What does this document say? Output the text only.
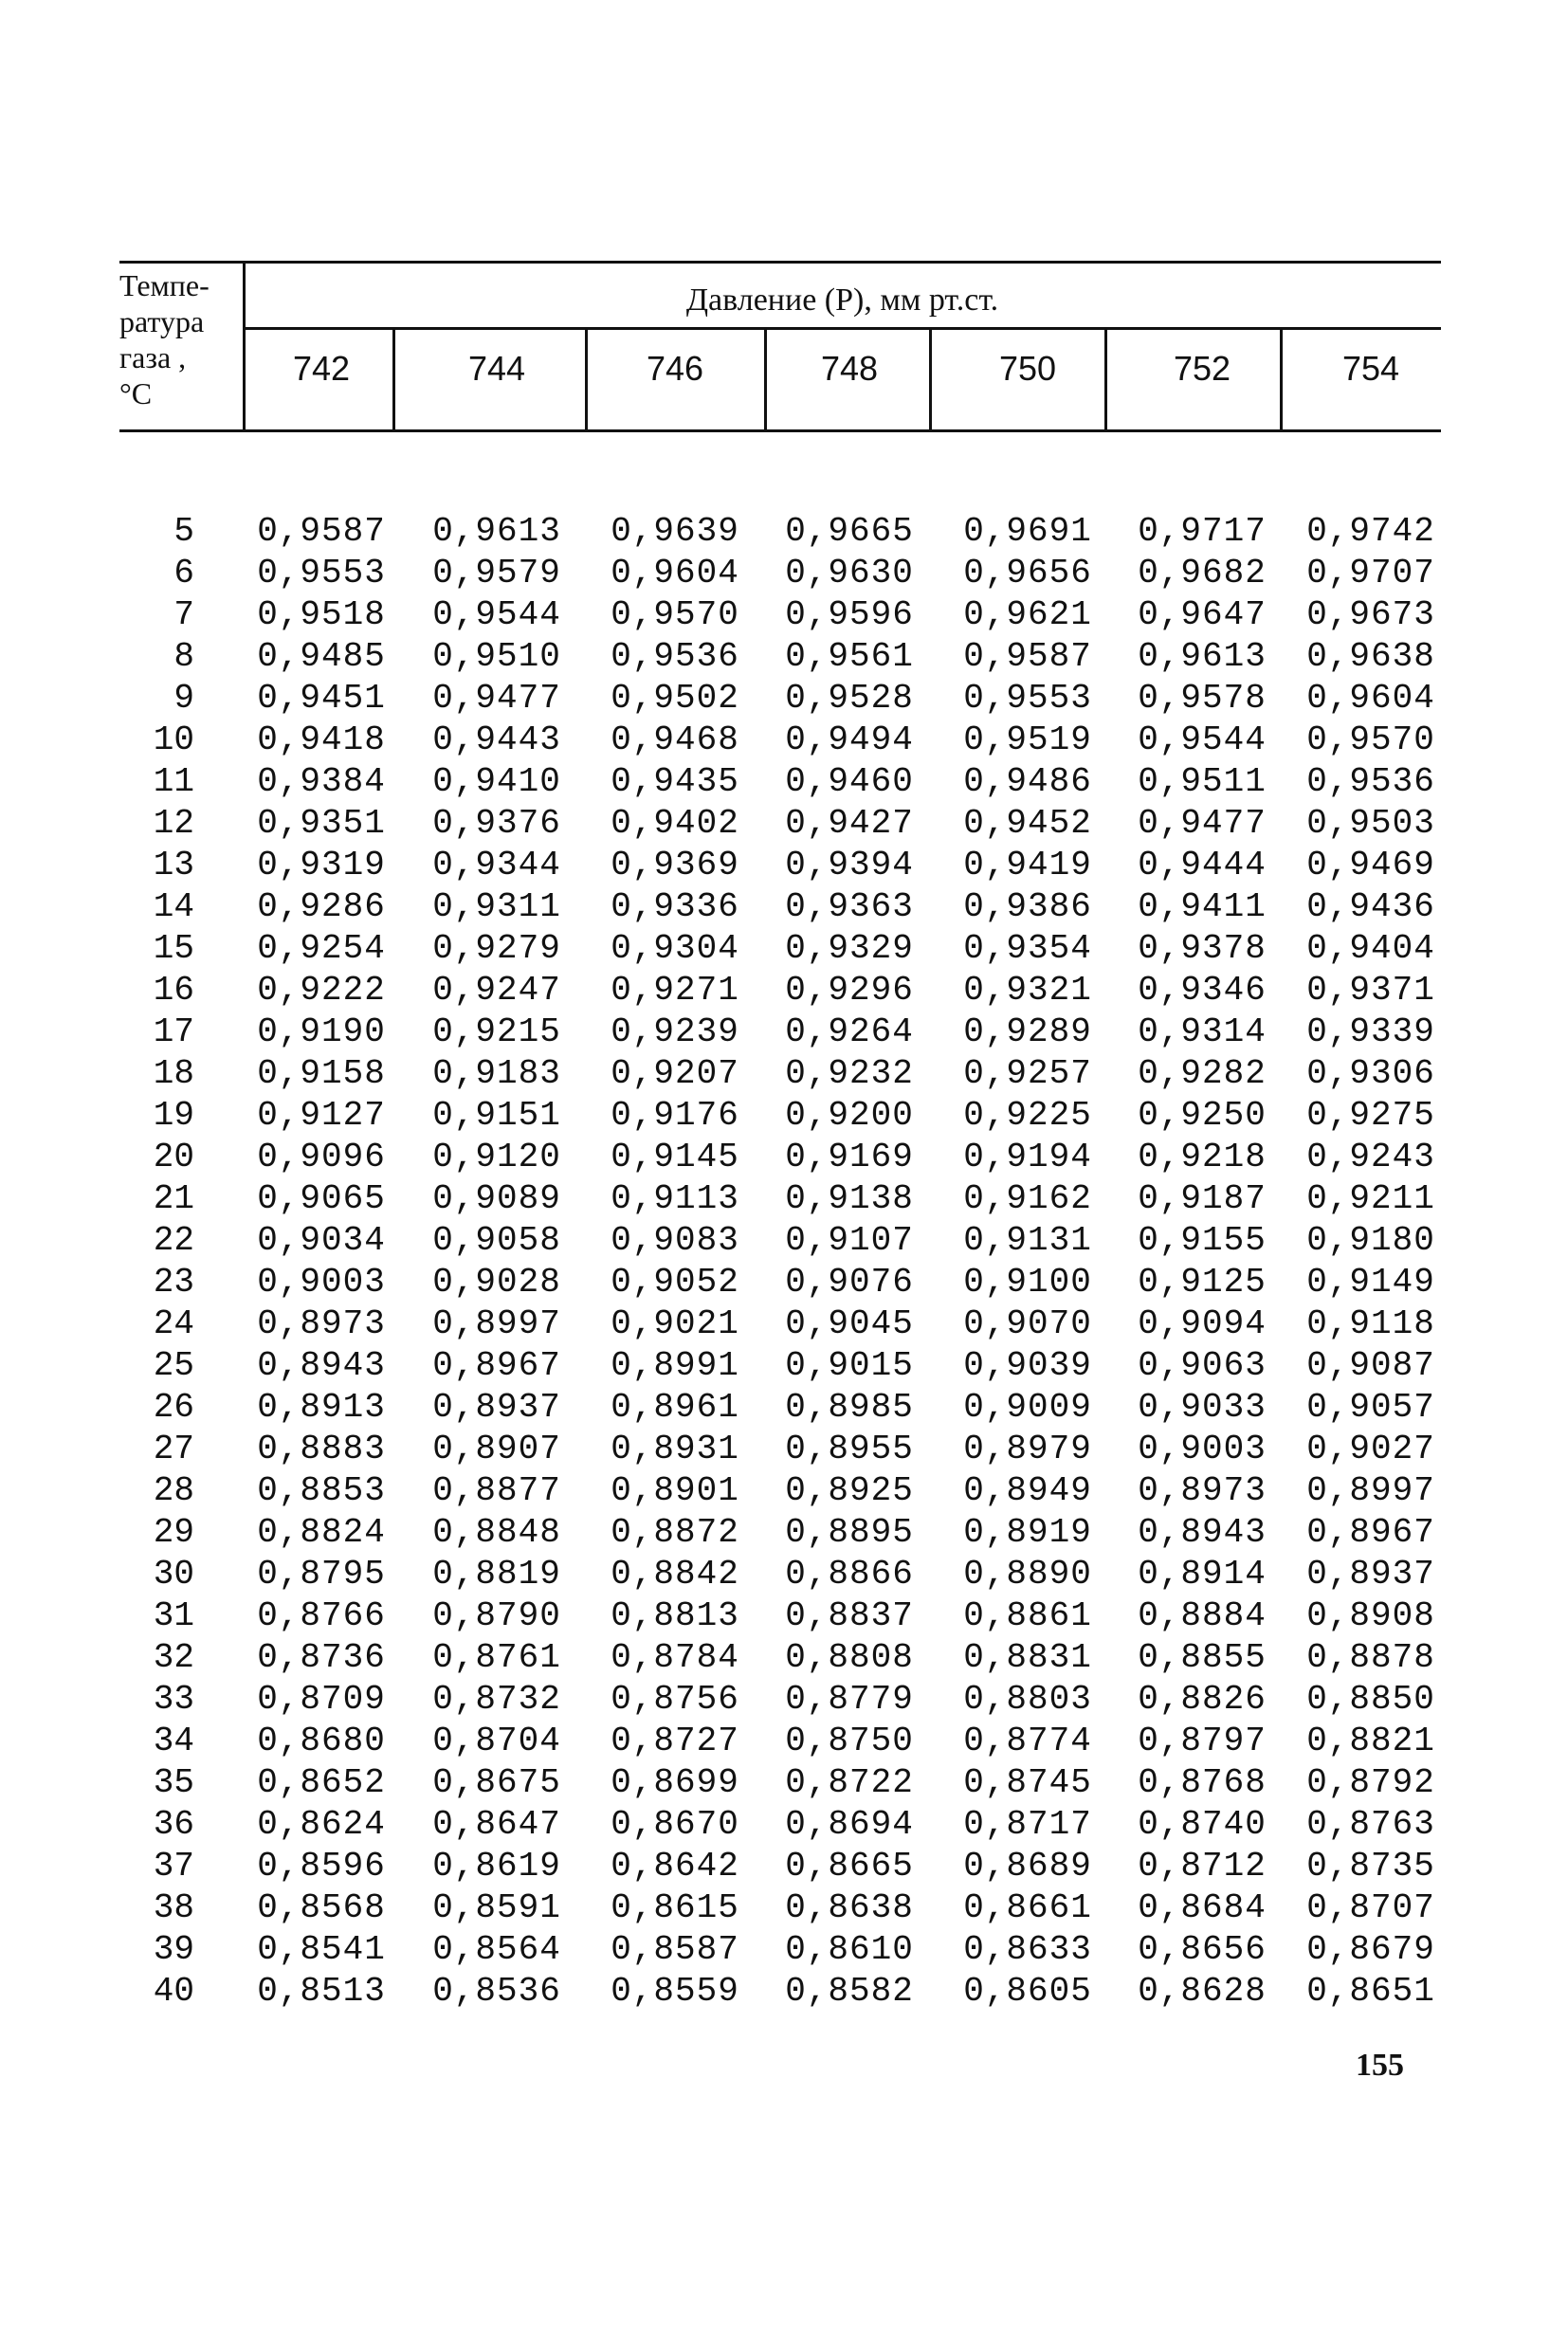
Темпе-
ратура
газа ,
°C
Давление (P), мм рт.ст.
742	744	746	748	750	752	754
5	0,9587	0,9613	0,9639	0,9665	0,9691	0,9717	0,9742
6	0,9553	0,9579	0,9604	0,9630	0,9656	0,9682	0,9707
7	0,9518	0,9544	0,9570	0,9596	0,9621	0,9647	0,9673
8	0,9485	0,9510	0,9536	0,9561	0,9587	0,9613	0,9638
9	0,9451	0,9477	0,9502	0,9528	0,9553	0,9578	0,9604
10	0,9418	0,9443	0,9468	0,9494	0,9519	0,9544	0,9570
11	0,9384	0,9410	0,9435	0,9460	0,9486	0,9511	0,9536
12	0,9351	0,9376	0,9402	0,9427	0,9452	0,9477	0,9503
13	0,9319	0,9344	0,9369	0,9394	0,9419	0,9444	0,9469
14	0,9286	0,9311	0,9336	0,9363	0,9386	0,9411	0,9436
15	0,9254	0,9279	0,9304	0,9329	0,9354	0,9378	0,9404
16	0,9222	0,9247	0,9271	0,9296	0,9321	0,9346	0,9371
17	0,9190	0,9215	0,9239	0,9264	0,9289	0,9314	0,9339
18	0,9158	0,9183	0,9207	0,9232	0,9257	0,9282	0,9306
19	0,9127	0,9151	0,9176	0,9200	0,9225	0,9250	0,9275
20	0,9096	0,9120	0,9145	0,9169	0,9194	0,9218	0,9243
21	0,9065	0,9089	0,9113	0,9138	0,9162	0,9187	0,9211
22	0,9034	0,9058	0,9083	0,9107	0,9131	0,9155	0,9180
23	0,9003	0,9028	0,9052	0,9076	0,9100	0,9125	0,9149
24	0,8973	0,8997	0,9021	0,9045	0,9070	0,9094	0,9118
25	0,8943	0,8967	0,8991	0,9015	0,9039	0,9063	0,9087
26	0,8913	0,8937	0,8961	0,8985	0,9009	0,9033	0,9057
27	0,8883	0,8907	0,8931	0,8955	0,8979	0,9003	0,9027
28	0,8853	0,8877	0,8901	0,8925	0,8949	0,8973	0,8997
29	0,8824	0,8848	0,8872	0,8895	0,8919	0,8943	0,8967
30	0,8795	0,8819	0,8842	0,8866	0,8890	0,8914	0,8937
31	0,8766	0,8790	0,8813	0,8837	0,8861	0,8884	0,8908
32	0,8736	0,8761	0,8784	0,8808	0,8831	0,8855	0,8878
33	0,8709	0,8732	0,8756	0,8779	0,8803	0,8826	0,8850
34	0,8680	0,8704	0,8727	0,8750	0,8774	0,8797	0,8821
35	0,8652	0,8675	0,8699	0,8722	0,8745	0,8768	0,8792
36	0,8624	0,8647	0,8670	0,8694	0,8717	0,8740	0,8763
37	0,8596	0,8619	0,8642	0,8665	0,8689	0,8712	0,8735
38	0,8568	0,8591	0,8615	0,8638	0,8661	0,8684	0,8707
39	0,8541	0,8564	0,8587	0,8610	0,8633	0,8656	0,8679
40	0,8513	0,8536	0,8559	0,8582	0,8605	0,8628	0,8651
155
